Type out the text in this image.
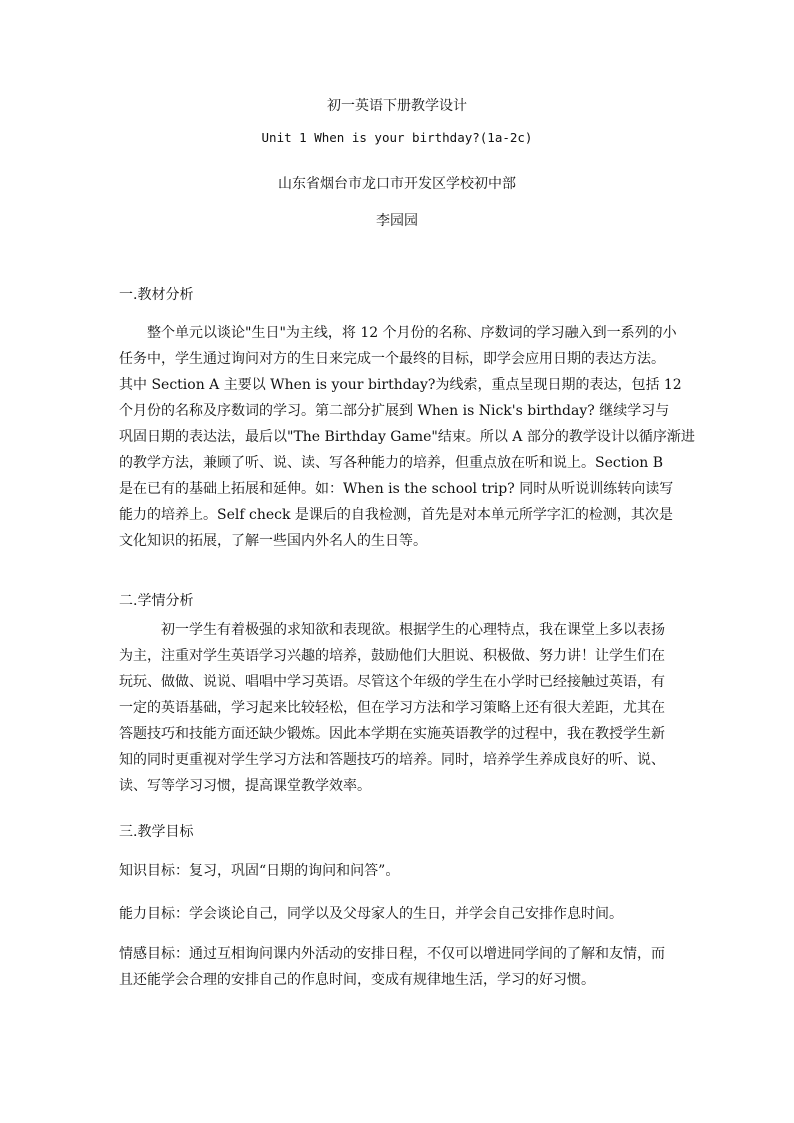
初一英语下册教学设计
Unit 1 When is your birthday?(1a-2c)
山东省烟台市龙口市开发区学校初中部
李园园
一.教材分析
　　整个单元以谈论"生日"为主线，将 12 个月份的名称、序数词的学习融入到一系列的小
任务中，学生通过询问对方的生日来完成一个最终的目标，即学会应用日期的表达方法。
其中 Section A 主要以 When is your birthday?为线索，重点呈现日期的表达，包括 12
个月份的名称及序数词的学习。第二部分扩展到 When is Nick's birthday? 继续学习与
巩固日期的表达法，最后以"The Birthday Game"结束。所以 A 部分的教学设计以循序渐进
的教学方法，兼顾了听、说、读、写各种能力的培养，但重点放在听和说上。Section B
是在已有的基础上拓展和延伸。如：When is the school trip? 同时从听说训练转向读写
能力的培养上。Self check 是课后的自我检测，首先是对本单元所学字汇的检测，其次是
文化知识的拓展，了解一些国内外名人的生日等。
二.学情分析
　　　初一学生有着极强的求知欲和表现欲。根据学生的心理特点，我在课堂上多以表扬
为主，注重对学生英语学习兴趣的培养，鼓励他们大胆说、积极做、努力讲！让学生们在
玩玩、做做、说说、唱唱中学习英语。尽管这个年级的学生在小学时已经接触过英语，有
一定的英语基础，学习起来比较轻松，但在学习方法和学习策略上还有很大差距，尤其在
答题技巧和技能方面还缺少锻炼。因此本学期在实施英语教学的过程中，我在教授学生新
知的同时更重视对学生学习方法和答题技巧的培养。同时，培养学生养成良好的听、说、
读、写等学习习惯，提高课堂教学效率。
三.教学目标
知识目标：复习，巩固“日期的询问和问答”。
能力目标：学会谈论自己，同学以及父母家人的生日，并学会自己安排作息时间。
情感目标：通过互相询问课内外活动的安排日程，不仅可以增进同学间的了解和友情，而
且还能学会合理的安排自己的作息时间，变成有规律地生活，学习的好习惯。
